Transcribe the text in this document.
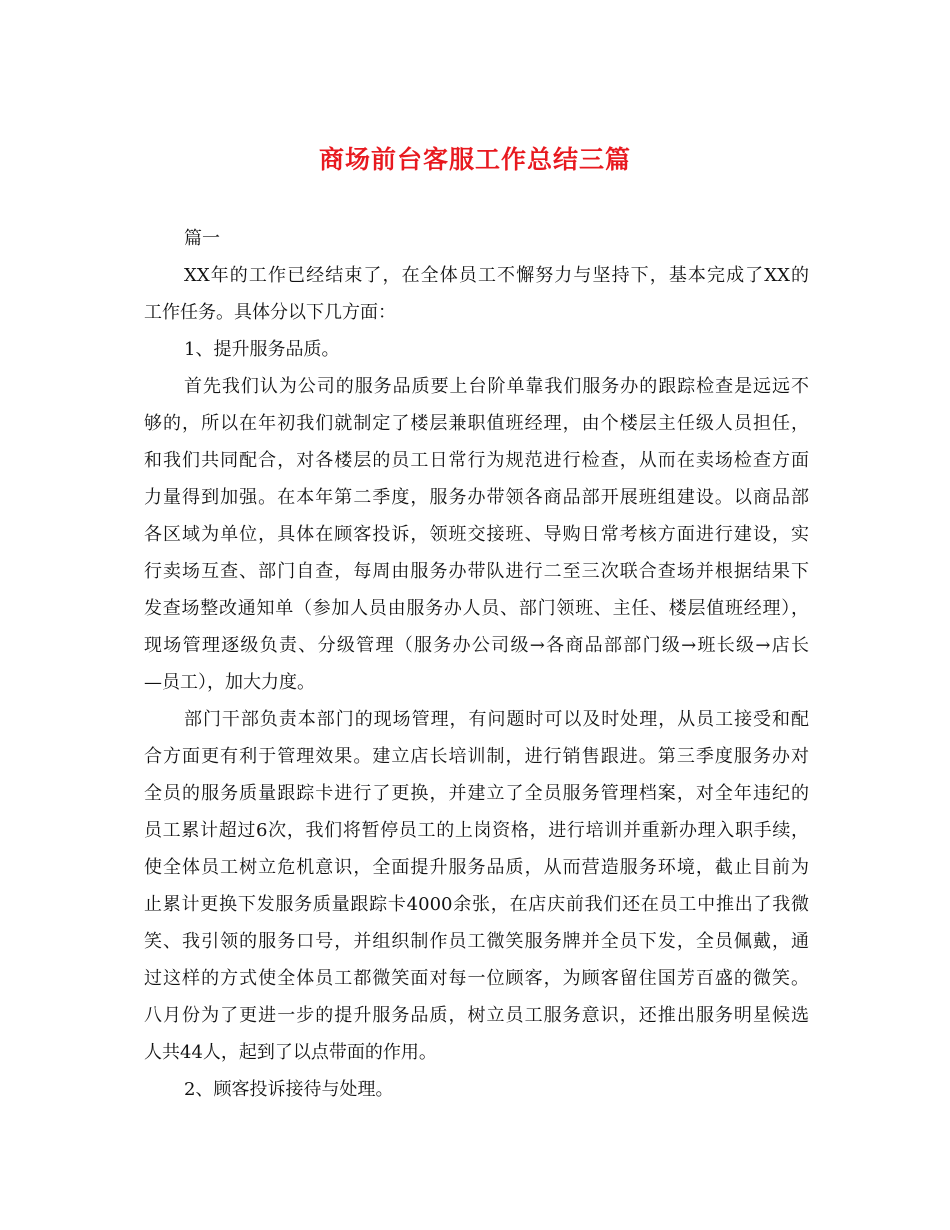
商场前台客服工作总结三篇
篇一
XX年的工作已经结束了，在全体员工不懈努力与坚持下，基本完成了XX的
工作任务。具体分以下几方面：
1、提升服务品质。
首先我们认为公司的服务品质要上台阶单靠我们服务办的跟踪检查是远远不
够的，所以在年初我们就制定了楼层兼职值班经理，由个楼层主任级人员担任，
和我们共同配合，对各楼层的员工日常行为规范进行检查，从而在卖场检查方面
力量得到加强。在本年第二季度，服务办带领各商品部开展班组建设。以商品部
各区域为单位，具体在顾客投诉，领班交接班、导购日常考核方面进行建设，实
行卖场互查、部门自查，每周由服务办带队进行二至三次联合查场并根据结果下
发查场整改通知单（参加人员由服务办人员、部门领班、主任、楼层值班经理），
现场管理逐级负责、分级管理（服务办公司级→各商品部部门级→班长级→店长
—员工），加大力度。
部门干部负责本部门的现场管理，有问题时可以及时处理，从员工接受和配
合方面更有利于管理效果。建立店长培训制，进行销售跟进。第三季度服务办对
全员的服务质量跟踪卡进行了更换，并建立了全员服务管理档案，对全年违纪的
员工累计超过6次，我们将暂停员工的上岗资格，进行培训并重新办理入职手续，
使全体员工树立危机意识，全面提升服务品质，从而营造服务环境，截止目前为
止累计更换下发服务质量跟踪卡4000余张，在店庆前我们还在员工中推出了我微
笑、我引领的服务口号，并组织制作员工微笑服务牌并全员下发，全员佩戴，通
过这样的方式使全体员工都微笑面对每一位顾客，为顾客留住国芳百盛的微笑。
八月份为了更进一步的提升服务品质，树立员工服务意识，还推出服务明星候选
人共44人，起到了以点带面的作用。
2、顾客投诉接待与处理。
